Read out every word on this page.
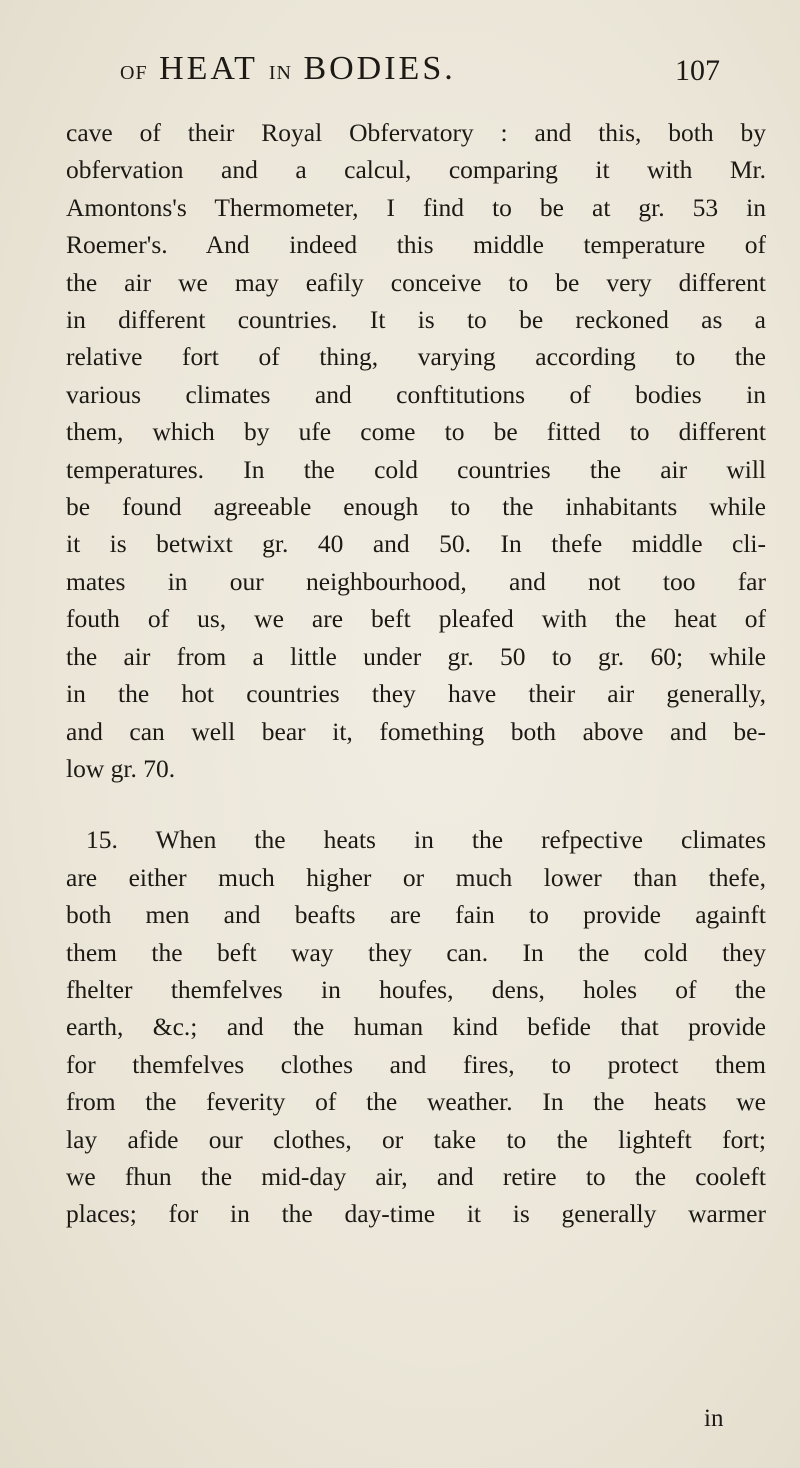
OF HEAT IN BODIES.	107
cave of their Royal Obfervatory : and this, both by
obfervation and a calcul, comparing it with Mr.
Amontons's Thermometer, I find to be at gr. 53 in
Roemer's. And indeed this middle temperature of
the air we may eafily conceive to be very different
in different countries. It is to be reckoned as a
relative fort of thing, varying according to the
various climates and conftitutions of bodies in
them, which by ufe come to be fitted to different
temperatures. In the cold countries the air will
be found agreeable enough to the inhabitants while
it is betwixt gr. 40 and 50. In thefe middle cli-
mates in our neighbourhood, and not too far
fouth of us, we are beft pleafed with the heat of
the air from a little under gr. 50 to gr. 60; while
in the hot countries they have their air generally,
and can well bear it, fomething both above and be-
low gr. 70.
15. When the heats in the refpective climates
are either much higher or much lower than thefe,
both men and beafts are fain to provide againft
them the beft way they can. In the cold they
fhelter themfelves in houfes, dens, holes of the
earth, &c.; and the human kind befide that provide
for themfelves clothes and fires, to protect them
from the feverity of the weather. In the heats we
lay afide our clothes, or take to the lighteft fort;
we fhun the mid-day air, and retire to the cooleft
places; for in the day-time it is generally warmer
in
